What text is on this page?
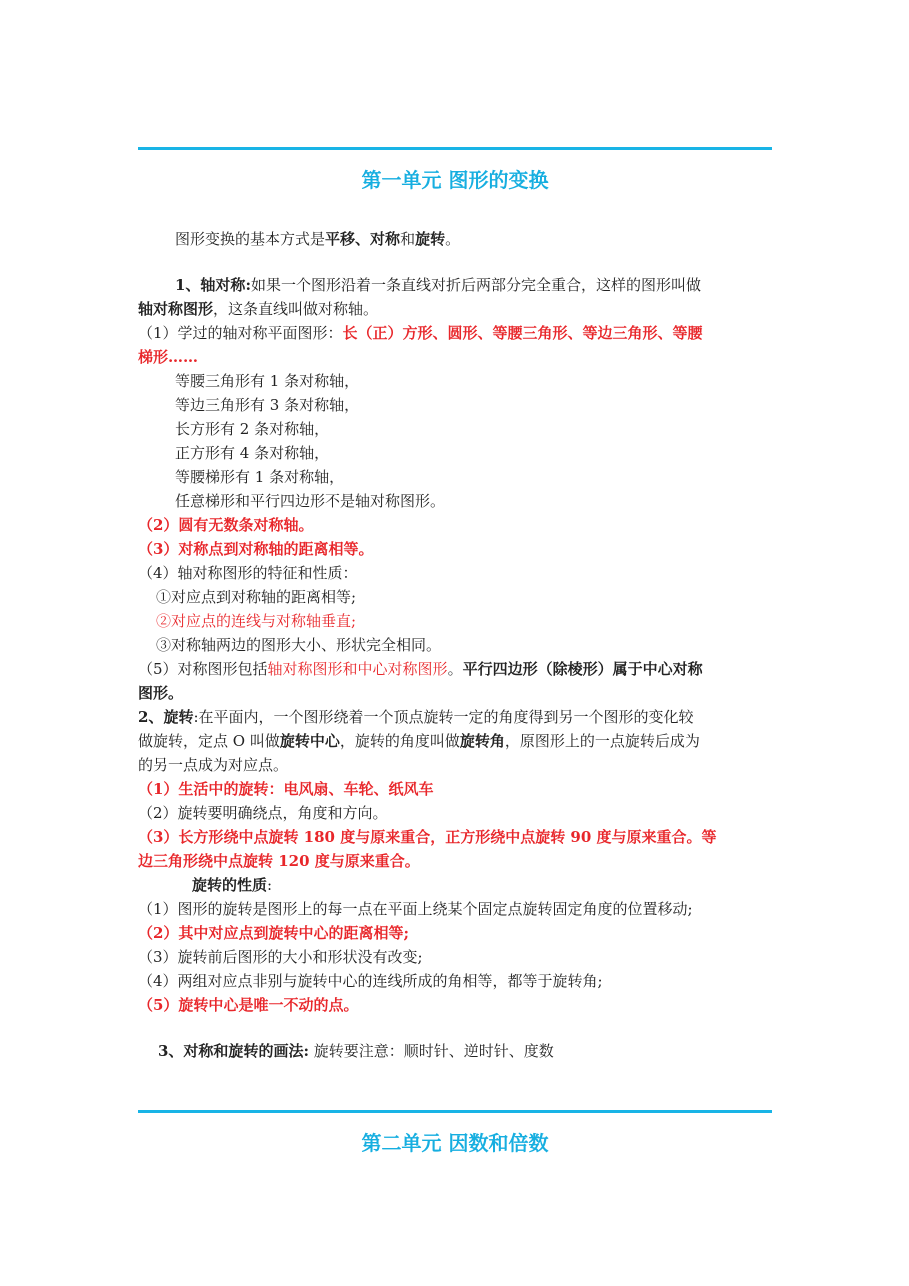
第一单元 图形的变换
图形变换的基本方式是平移、对称和旋转。
1、轴对称:如果一个图形沿着一条直线对折后两部分完全重合，这样的图形叫做
轴对称图形，这条直线叫做对称轴。
（1）学过的轴对称平面图形：长（正）方形、圆形、等腰三角形、等边三角形、等腰
梯形……
等腰三角形有 1 条对称轴，
等边三角形有 3 条对称轴，
长方形有 2 条对称轴，
正方形有 4 条对称轴，
等腰梯形有 1 条对称轴，
任意梯形和平行四边形不是轴对称图形。
（2）圆有无数条对称轴。
（3）对称点到对称轴的距离相等。
（4）轴对称图形的特征和性质：
①对应点到对称轴的距离相等;
②对应点的连线与对称轴垂直;
③对称轴两边的图形大小、形状完全相同。
（5）对称图形包括轴对称图形和中心对称图形。平行四边形（除棱形）属于中心对称
图形。
2、旋转:在平面内，一个图形绕着一个顶点旋转一定的角度得到另一个图形的变化较
做旋转，定点 O 叫做旋转中心，旋转的角度叫做旋转角，原图形上的一点旋转后成为
的另一点成为对应点。
（1）生活中的旋转：电风扇、车轮、纸风车
（2）旋转要明确绕点，角度和方向。
（3）长方形绕中点旋转 180 度与原来重合，正方形绕中点旋转 90 度与原来重合。等
边三角形绕中点旋转 120 度与原来重合。
旋转的性质:
（1）图形的旋转是图形上的每一点在平面上绕某个固定点旋转固定角度的位置移动;
（2）其中对应点到旋转中心的距离相等;
（3）旋转前后图形的大小和形状没有改变;
（4）两组对应点非别与旋转中心的连线所成的角相等，都等于旋转角;
（5）旋转中心是唯一不动的点。
3、对称和旋转的画法: 旋转要注意：顺时针、逆时针、度数
第二单元 因数和倍数
